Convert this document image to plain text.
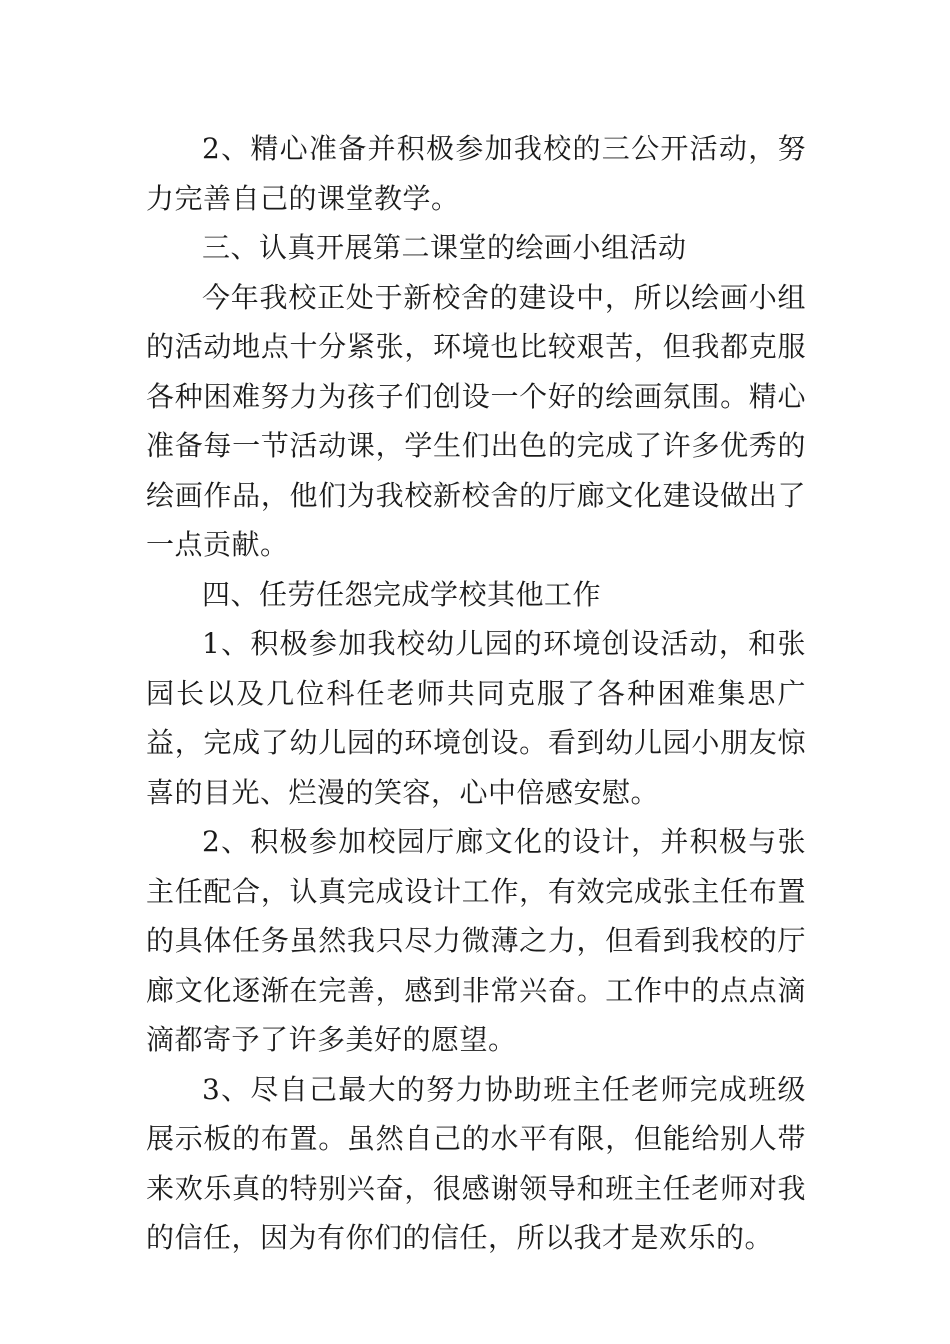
2、精心准备并积极参加我校的三公开活动，努力完善自己的课堂教学。

三、认真开展第二课堂的绘画小组活动

今年我校正处于新校舍的建设中，所以绘画小组的活动地点十分紧张，环境也比较艰苦，但我都克服各种困难努力为孩子们创设一个好的绘画氛围。精心准备每一节活动课，学生们出色的完成了许多优秀的绘画作品，他们为我校新校舍的厅廊文化建设做出了一点贡献。

四、任劳任怨完成学校其他工作

1、积极参加我校幼儿园的环境创设活动，和张园长以及几位科任老师共同克服了各种困难集思广益，完成了幼儿园的环境创设。看到幼儿园小朋友惊喜的目光、烂漫的笑容，心中倍感安慰。

2、积极参加校园厅廊文化的设计，并积极与张主任配合，认真完成设计工作，有效完成张主任布置的具体任务虽然我只尽力微薄之力，但看到我校的厅廊文化逐渐在完善，感到非常兴奋。工作中的点点滴滴都寄予了许多美好的愿望。

3、尽自己最大的努力协助班主任老师完成班级展示板的布置。虽然自己的水平有限，但能给别人带来欢乐真的特别兴奋，很感谢领导和班主任老师对我的信任，因为有你们的信任，所以我才是欢乐的。
